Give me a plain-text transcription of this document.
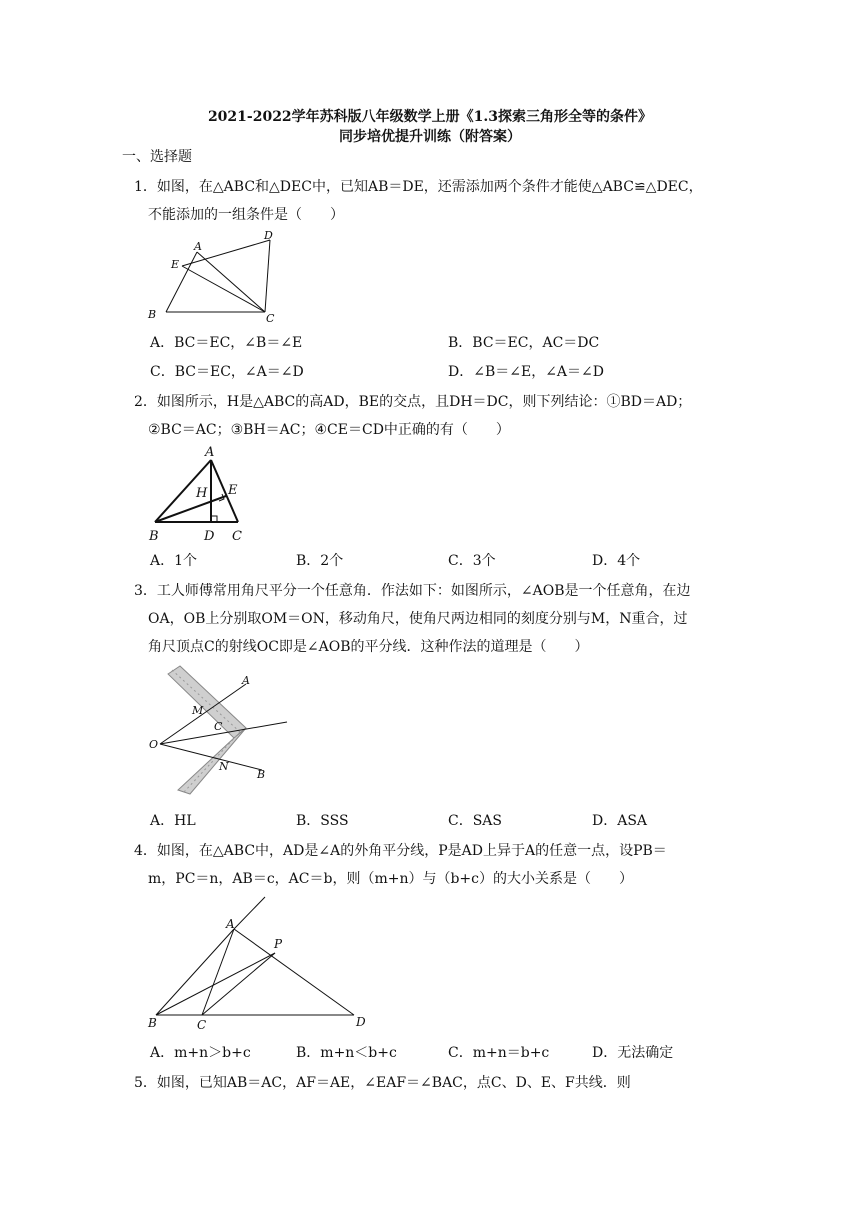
2021-2022学年苏科版八年级数学上册《1.3探索三角形全等的条件》
同步培优提升训练（附答案）
一、选择题
1．如图，在△ABC和△DEC中，已知AB＝DE，还需添加两个条件才能使△ABC≌△DEC，
不能添加的一组条件是（　　）
A
D
E
B	C
A．BC＝EC，∠B＝∠E	B．BC＝EC，AC＝DC
C．BC＝EC，∠A＝∠D	D．∠B＝∠E，∠A＝∠D
2．如图所示，H是△ABC的高AD，BE的交点，且DH＝DC，则下列结论：①BD＝AD；
②BC＝AC；③BH＝AC；④CE＝CD中正确的有（　　）
A
H E
B	D C
A．1个	B．2个	C．3个	D．4个
3．工人师傅常用角尺平分一个任意角．作法如下：如图所示，∠AOB是一个任意角，在边
OA，OB上分别取OM＝ON，移动角尺，使角尺两边相同的刻度分别与M，N重合，过
角尺顶点C的射线OC即是∠AOB的平分线．这种作法的道理是（　　）
A
M
C
O
N
B
A．HL	B．SSS	C．SAS	D．ASA
4．如图，在△ABC中，AD是∠A的外角平分线，P是AD上异于A的任意一点，设PB＝
m，PC＝n，AB＝c，AC＝b，则（m+n）与（b+c）的大小关系是（　　）
A
P
B	C	D
A．m+n＞b+c	B．m+n＜b+c	C．m+n＝b+c	D．无法确定
5．如图，已知AB＝AC，AF＝AE，∠EAF＝∠BAC，点C、D、E、F共线．则
